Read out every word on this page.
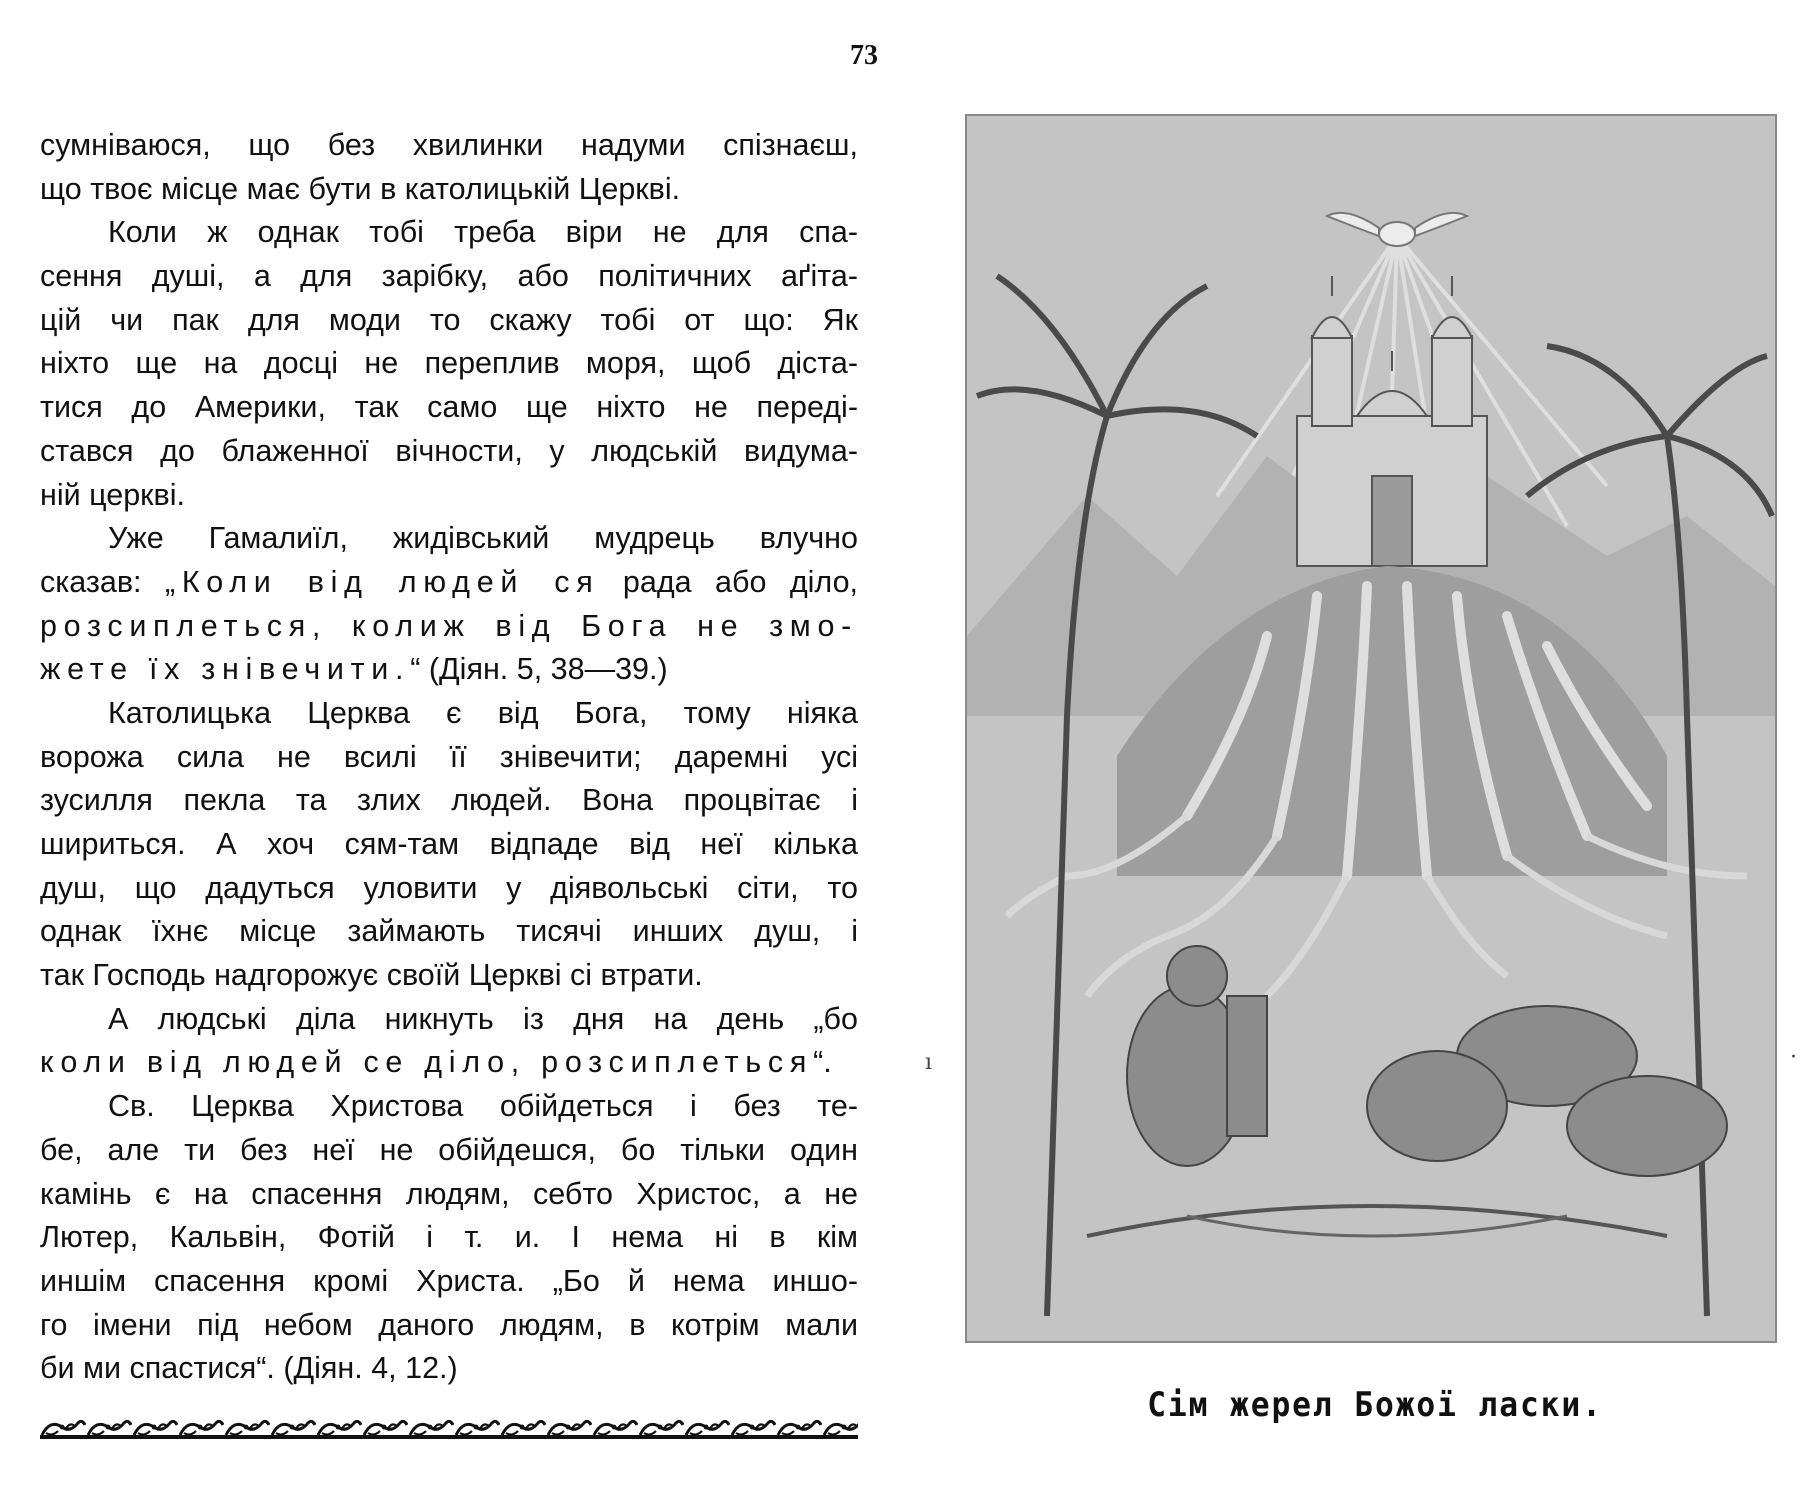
73
сумніваюся, що без хвилинки надуми спізнаєш,
що твоє місце має бути в католицькій Церкві.
Коли ж однак тобі треба віри не для спа-
сення душі, а для зарібку, або політичних аґіта-
цій чи пак для моди то скажу тобі от що: Як
ніхто ще на досці не переплив моря, щоб діста-
тися до Америки, так само ще ніхто не переді-
стався до блаженної вічности, у людській видума-
ній церкві.
Уже Гамалиїл, жидівський мудрець влучно
сказав: „Коли від людей ся рада або діло,
розсиплеться, колиж від Бога не змо-
жете їх знівечити.“ (Діян. 5, 38—39.)
Католицька Церква є від Бога, тому ніяка
ворожа сила не всилі її знівечити; даремні усі
зусилля пекла та злих людей. Вона процвітає і
шириться. А хоч сям-там відпаде від неї кілька
душ, що дадуться уловити у діявольські сіти, то
однак їхнє місце займають тисячі инших душ, і
так Господь надгорожує своїй Церкві сі втрати.
А людські діла никнуть із дня на день „бо
коли від людей се діло, розсиплеться“.
Св. Церква Христова обійдеться і без те-
бе, але ти без неї не обійдешся, бо тільки один
камінь є на спасення людям, себто Христос, а не
Лютер, Кальвін, Фотій і т. и. І нема ні в кім
иншім спасення кромі Христа. „Бо й нема иншо-
го імени під небом даного людям, в котрім мали
би ми спастися“. (Діян. 4, 12.)
Сім жерел Божої ласки.
ı	·
